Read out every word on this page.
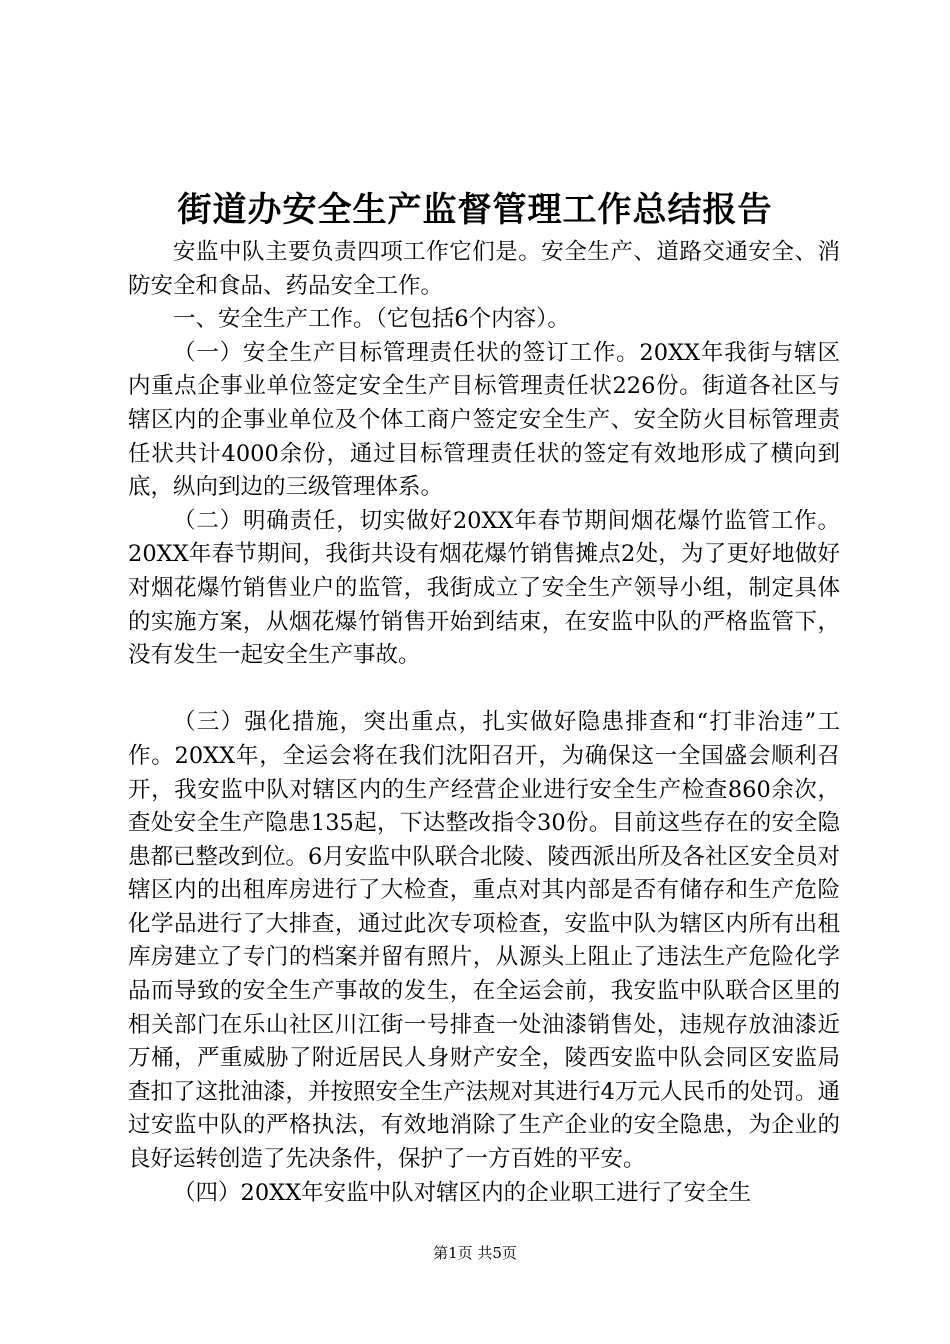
街道办安全生产监督管理工作总结报告

安监中队主要负责四项工作它们是。安全生产、道路交通安全、消防安全和食品、药品安全工作。

一、安全生产工作。（它包括6个内容）。

（一）安全生产目标管理责任状的签订工作。20XX年我街与辖区内重点企事业单位签定安全生产目标管理责任状226份。街道各社区与辖区内的企事业单位及个体工商户签定安全生产、安全防火目标管理责任状共计4000余份，通过目标管理责任状的签定有效地形成了横向到底，纵向到边的三级管理体系。

（二）明确责任，切实做好20XX年春节期间烟花爆竹监管工作。20XX年春节期间，我街共设有烟花爆竹销售摊点2处，为了更好地做好对烟花爆竹销售业户的监管，我街成立了安全生产领导小组，制定具体的实施方案，从烟花爆竹销售开始到结束，在安监中队的严格监管下，没有发生一起安全生产事故。

（三）强化措施，突出重点，扎实做好隐患排查和“打非治违”工作。20XX年，全运会将在我们沈阳召开，为确保这一全国盛会顺利召开，我安监中队对辖区内的生产经营企业进行安全生产检查860余次，查处安全生产隐患135起，下达整改指令30份。目前这些存在的安全隐患都已整改到位。6月安监中队联合北陵、陵西派出所及各社区安全员对辖区内的出租库房进行了大检查，重点对其内部是否有储存和生产危险化学品进行了大排查，通过此次专项检查，安监中队为辖区内所有出租库房建立了专门的档案并留有照片，从源头上阻止了违法生产危险化学品而导致的安全生产事故的发生，在全运会前，我安监中队联合区里的相关部门在乐山社区川江街一号排查一处油漆销售处，违规存放油漆近万桶，严重威胁了附近居民人身财产安全，陵西安监中队会同区安监局查扣了这批油漆，并按照安全生产法规对其进行4万元人民币的处罚。通过安监中队的严格执法，有效地消除了生产企业的安全隐患，为企业的良好运转创造了先决条件，保护了一方百姓的平安。

（四）20XX年安监中队对辖区内的企业职工进行了安全生

第1页 共5页
